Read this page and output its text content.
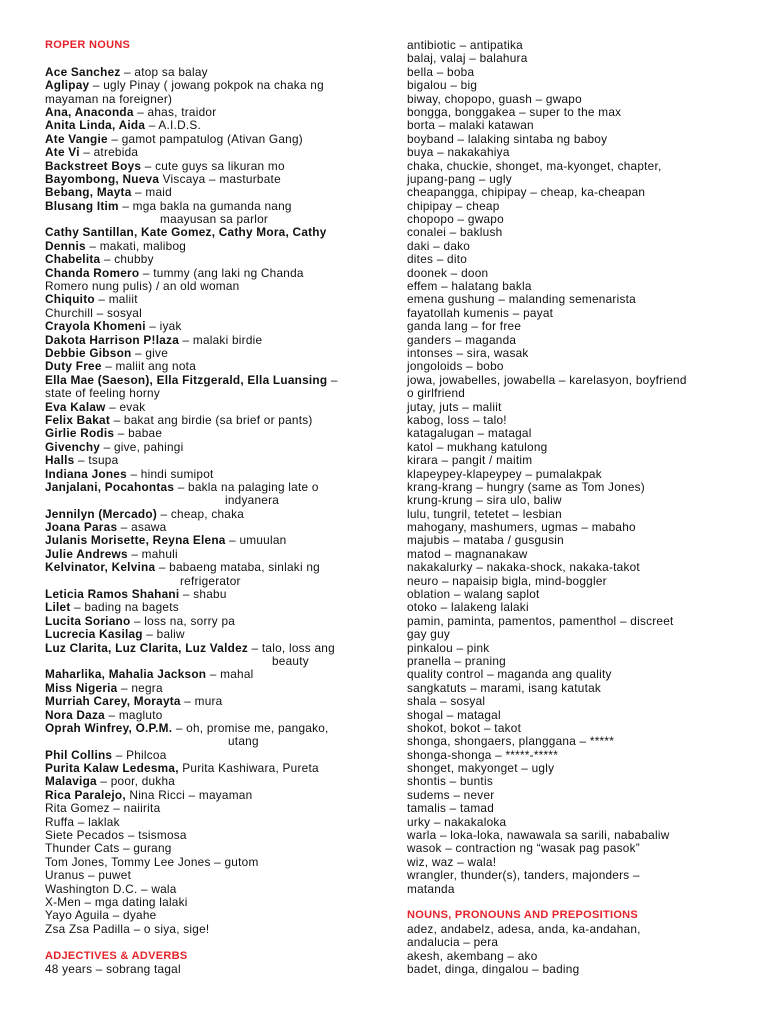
ROPER NOUNS

Ace Sanchez – atop sa balay
Aglipay – ugly Pinay ( jowang pokpok na chaka ng
mayaman na foreigner)
Ana, Anaconda – ahas, traidor
Anita Linda, Aida – A.I.D.S.
Ate Vangie – gamot pampatulog (Ativan Gang)
Ate Vi – atrebida
Backstreet Boys – cute guys sa likuran mo
Bayombong, Nueva Viscaya – masturbate
Bebang, Mayta – maid
Blusang Itim – mga bakla na gumanda nang
maayusan sa parlor
Cathy Santillan, Kate Gomez, Cathy Mora, Cathy
Dennis – makati, malibog
Chabelita – chubby
Chanda Romero – tummy (ang laki ng Chanda
Romero nung pulis) / an old woman
Chiquito – maliit
Churchill – sosyal
Crayola Khomeni – iyak
Dakota Harrison P!laza – malaki birdie
Debbie Gibson – give
Duty Free – maliit ang nota
Ella Mae (Saeson), Ella Fitzgerald, Ella Luansing –
state of feeling horny
Eva Kalaw – evak
Felix Bakat – bakat ang birdie (sa brief or pants)
Girlie Rodis – babae
Givenchy – give, pahingi
Halls – tsupa
Indiana Jones – hindi sumipot
Janjalani, Pocahontas – bakla na palaging late o
indyanera
Jennilyn (Mercado) – cheap, chaka
Joana Paras – asawa
Julanis Morisette, Reyna Elena – umuulan
Julie Andrews – mahuli
Kelvinator, Kelvina – babaeng mataba, sinlaki ng
refrigerator
Leticia Ramos Shahani – shabu
Lilet – bading na bagets
Lucita Soriano – loss na, sorry pa
Lucrecia Kasilag – baliw
Luz Clarita, Luz Clarita, Luz Valdez – talo, loss ang
beauty
Maharlika, Mahalia Jackson – mahal
Miss Nigeria – negra
Murriah Carey, Morayta – mura
Nora Daza – magluto
Oprah Winfrey, O.P.M. – oh, promise me, pangako,
utang
Phil Collins – Philcoa
Purita Kalaw Ledesma, Purita Kashiwara, Pureta
Malaviga – poor, dukha
Rica Paralejo, Nina Ricci – mayaman
Rita Gomez – naiirita
Ruffa – laklak
Siete Pecados – tsismosa
Thunder Cats – gurang
Tom Jones, Tommy Lee Jones – gutom
Uranus – puwet
Washington D.C. – wala
X-Men – mga dating lalaki
Yayo Aguila – dyahe
Zsa Zsa Padilla – o siya, sige!

ADJECTIVES & ADVERBS
48 years – sobrang tagal
antibiotic – antipatika
balaj, valaj – balahura
bella – boba
bigalou – big
biway, chopopo, guash – gwapo
bongga, bonggakea – super to the max
borta – malaki katawan
boyband – lalaking sintaba ng baboy
buya – nakakahiya
chaka, chuckie, shonget, ma-kyonget, chapter,
jupang-pang – ugly
cheapangga, chipipay – cheap, ka-cheapan
chipipay – cheap
chopopo – gwapo
conalei – baklush
daki – dako
dites – dito
doonek – doon
effem – halatang bakla
emena gushung – malanding semenarista
fayatollah kumenis – payat
ganda lang – for free
ganders – maganda
intonses – sira, wasak
jongoloids – bobo
jowa, jowabelles, jowabella – karelasyon, boyfriend
o girlfriend
jutay, juts – maliit
kabog, loss – talo!
katagalugan – matagal
katol – mukhang katulong
kirara – pangit / maitim
klapeypey-klapeypey – pumalakpak
krang-krang – hungry (same as Tom Jones)
krung-krung – sira ulo, baliw
lulu, tungril, tetetet – lesbian
mahogany, mashumers, ugmas – mabaho
majubis – mataba / gusgusin
matod – magnanakaw
nakakalurky – nakaka-shock, nakaka-takot
neuro – napaisip bigla, mind-boggler
oblation – walang saplot
otoko – lalakeng lalaki
pamin, paminta, pamentos, pamenthol – discreet
gay guy
pinkalou – pink
pranella – praning
quality control – maganda ang quality
sangkatuts – marami, isang katutak
shala – sosyal
shogal – matagal
shokot, bokot – takot
shonga, shongaers, planggana – *****
shonga-shonga – *****-*****
shonget, makyonget – ugly
shontis – buntis
sudems – never
tamalis – tamad
urky – nakakaloka
warla – loka-loka, nawawala sa sarili, nababaliw
wasok – contraction ng “wasak pag pasok”
wiz, waz – wala!
wrangler, thunder(s), tanders, majonders –
matanda

NOUNS, PRONOUNS AND PREPOSITIONS
adez, andabelz, adesa, anda, ka-andahan,
andalucia – pera
akesh, akembang – ako
badet, dinga, dingalou – bading
